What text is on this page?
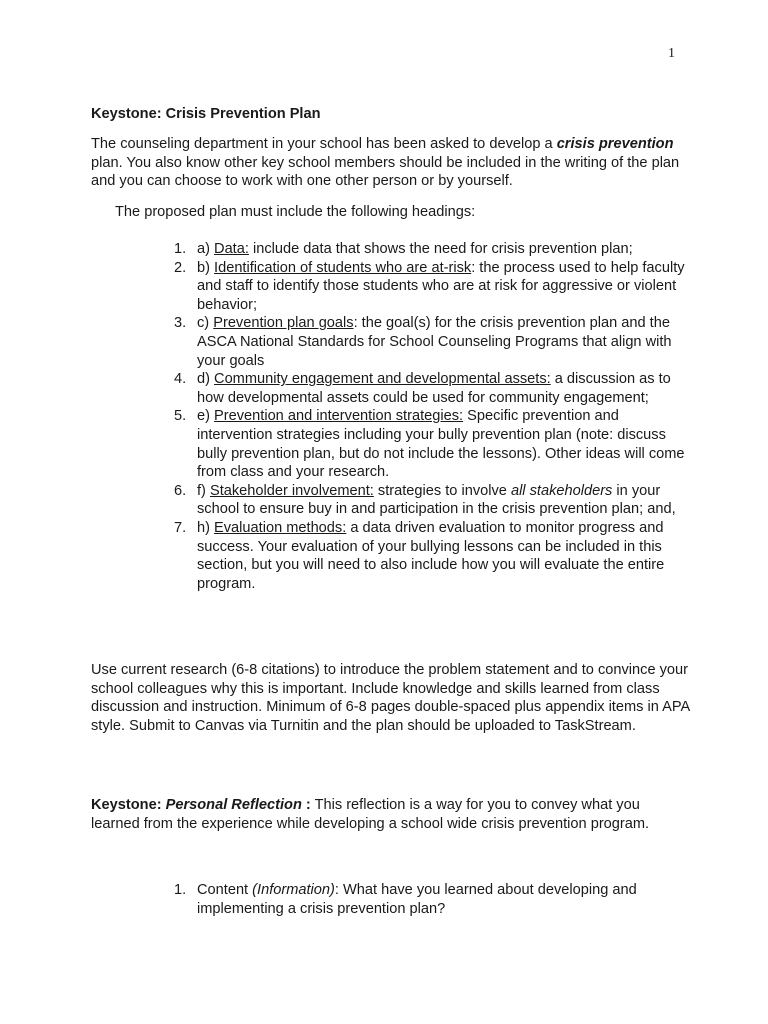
1
Keystone: Crisis Prevention Plan
The counseling department in your school has been asked to develop a crisis prevention plan. You also know other key school members should be included in the writing of the plan and you can choose to work with one other person or by yourself.
The proposed plan must include the following headings:
1. a) Data: include data that shows the need for crisis prevention plan;
2. b) Identification of students who are at-risk: the process used to help faculty and staff to identify those students who are at risk for aggressive or violent behavior;
3. c) Prevention plan goals: the goal(s) for the crisis prevention plan and the ASCA National Standards for School Counseling Programs that align with your goals
4. d) Community engagement and developmental assets: a discussion as to how developmental assets could be used for community engagement;
5. e) Prevention and intervention strategies: Specific prevention and intervention strategies including your bully prevention plan (note: discuss bully prevention plan, but do not include the lessons). Other ideas will come from class and your research.
6. f) Stakeholder involvement: strategies to involve all stakeholders in your school to ensure buy in and participation in the crisis prevention plan; and,
7. h) Evaluation methods: a data driven evaluation to monitor progress and success. Your evaluation of your bullying lessons can be included in this section, but you will need to also include how you will evaluate the entire program.
Use current research (6-8 citations) to introduce the problem statement and to convince your school colleagues why this is important. Include knowledge and skills learned from class discussion and instruction. Minimum of 6-8 pages double-spaced plus appendix items in APA style. Submit to Canvas via Turnitin and the plan should be uploaded to TaskStream.
Keystone: Personal Reflection : This reflection is a way for you to convey what you learned from the experience while developing a school wide crisis prevention program.
1. Content (Information): What have you learned about developing and implementing a crisis prevention plan?
